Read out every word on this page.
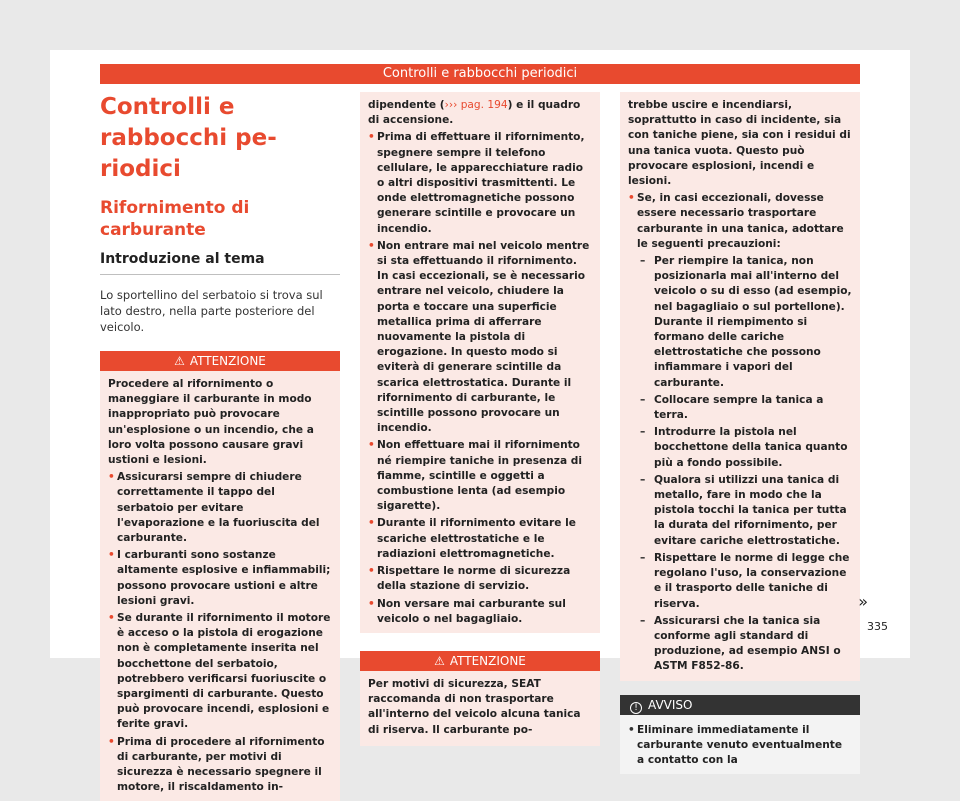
Controlli e rabbocchi periodici
Controlli e rabbocchi pe-
riodici
Rifornimento di carburante
Introduzione al tema
Lo sportellino del serbatoio si trova sul lato destro, nella parte posteriore del veicolo.
⚠ ATTENZIONE

Procedere al rifornimento o maneggiare il carburante in modo inappropriato può provocare un'esplosione o un incendio, che a loro volta possono causare gravi ustioni e lesioni.

• Assicurarsi sempre di chiudere correttamente il tappo del serbatoio per evitare l'evaporazione e la fuoriuscita del carburante.
• I carburanti sono sostanze altamente esplosive e infiammabili; possono provocare ustioni e altre lesioni gravi.
• Se durante il rifornimento il motore è acceso o la pistola di erogazione non è completamente inserita nel bocchettone del serbatoio, potrebbero verificarsi fuoriuscite o spargimenti di carburante. Questo può provocare incendi, esplosioni e ferite gravi.
• Prima di procedere al rifornimento di carburante, per motivi di sicurezza è necessario spegnere il motore, il riscaldamento in-

dipendente (››› pag. 194) e il quadro di accensione.

• Prima di effettuare il rifornimento, spegnere sempre il telefono cellulare, le apparecchiature radio o altri dispositivi trasmittenti. Le onde elettromagnetiche possono generare scintille e provocare un incendio.
• Non entrare mai nel veicolo mentre si sta effettuando il rifornimento. In casi eccezionali, se è necessario entrare nel veicolo, chiudere la porta e toccare una superficie metallica prima di afferrare nuovamente la pistola di erogazione. In questo modo si eviterà di generare scintille da scarica elettrostatica. Durante il rifornimento di carburante, le scintille possono provocare un incendio.
• Non effettuare mai il rifornimento né riempire taniche in presenza di fiamme, scintille e oggetti a combustione lenta (ad esempio sigarette).
• Durante il rifornimento evitare le scariche elettrostatiche e le radiazioni elettromagnetiche.
• Rispettare le norme di sicurezza della stazione di servizio.
• Non versare mai carburante sul veicolo o nel bagagliaio.
⚠ ATTENZIONE

Per motivi di sicurezza, SEAT raccomanda di non trasportare all'interno del veicolo alcuna tanica di riserva. Il carburante po-

trebbe uscire e incendiarsi, soprattutto in caso di incidente, sia con taniche piene, sia con i residui di una tanica vuota. Questo può provocare esplosioni, incendi e lesioni.

• Se, in casi eccezionali, dovesse essere necessario trasportare carburante in una tanica, adottare le seguenti precauzioni:
– Per riempire la tanica, non posizionarla mai all'interno del veicolo o su di esso (ad esempio, nel bagagliaio o sul portellone). Durante il riempimento si formano delle cariche elettrostatiche che possono infiammare i vapori del carburante.
– Collocare sempre la tanica a terra.
– Introdurre la pistola nel bocchettone della tanica quanto più a fondo possibile.
– Qualora si utilizzi una tanica di metallo, fare in modo che la pistola tocchi la tanica per tutta la durata del rifornimento, per evitare cariche elettrostatiche.
– Rispettare le norme di legge che regolano l'uso, la conservazione e il trasporto delle taniche di riserva.
– Assicurarsi che la tanica sia conforme agli standard di produzione, ad esempio ANSI o ASTM F852-86.
! AVVISO
• Eliminare immediatamente il carburante venuto eventualmente a contatto con la
»
335
